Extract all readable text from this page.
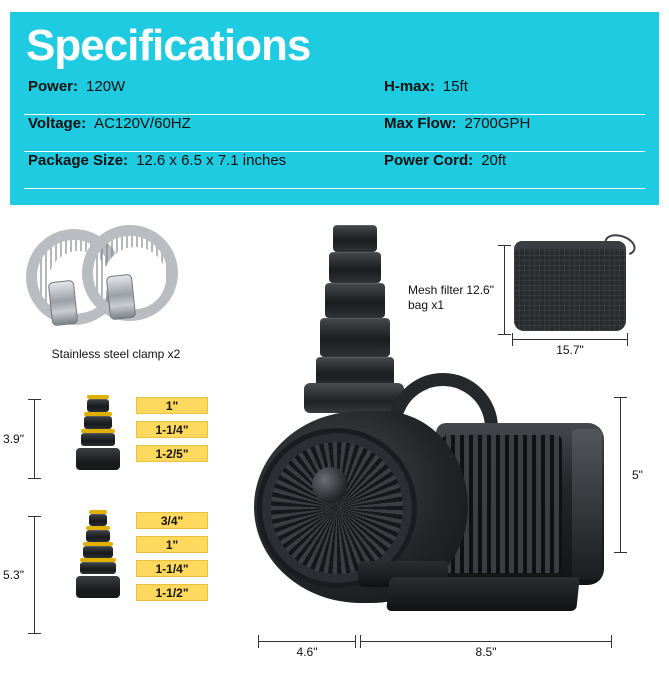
Specifications
Power: 120W	H-max: 15ft
Voltage: AC120V/60HZ	Max Flow: 2700GPH
Package Size: 12.6 x 6.5 x 7.1 inches	Power Cord: 20ft
Stainless steel clamp x2
Mesh filter bag x1
12.6"
15.7"
3.9"
1"
1-1/4"
1-2/5"
5.3"
3/4"
1"
1-1/4"
1-1/2"
5"
4.6"	8.5"
